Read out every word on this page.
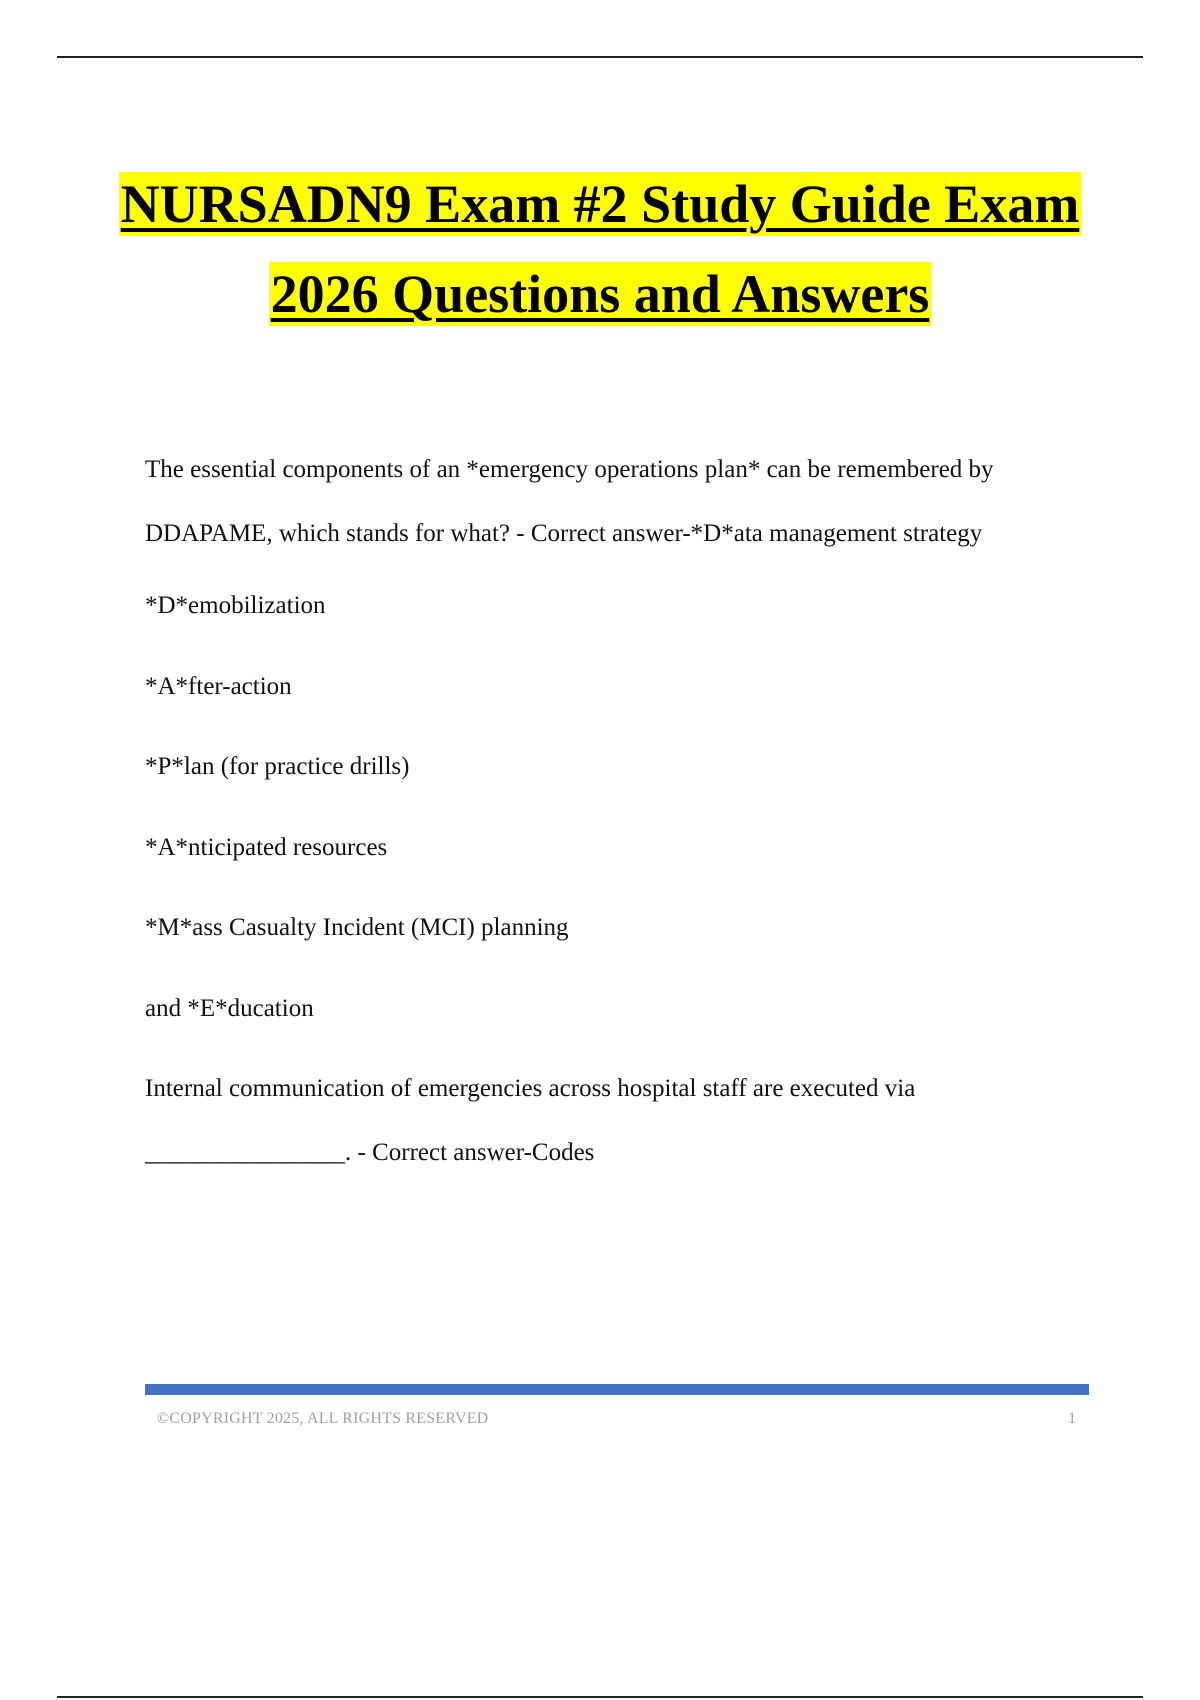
NURSADN9 Exam #2 Study Guide Exam
2026 Questions and Answers

The essential components of an *emergency operations plan* can be remembered by DDAPAME, which stands for what? - Correct answer-*D*ata management strategy

*D*emobilization

*A*fter-action

*P*lan (for practice drills)

*A*nticipated resources

*M*ass Casualty Incident (MCI) planning

and *E*ducation

Internal communication of emergencies across hospital staff are executed via ________________. - Correct answer-Codes

©COPYRIGHT 2025, ALL RIGHTS RESERVED	1
